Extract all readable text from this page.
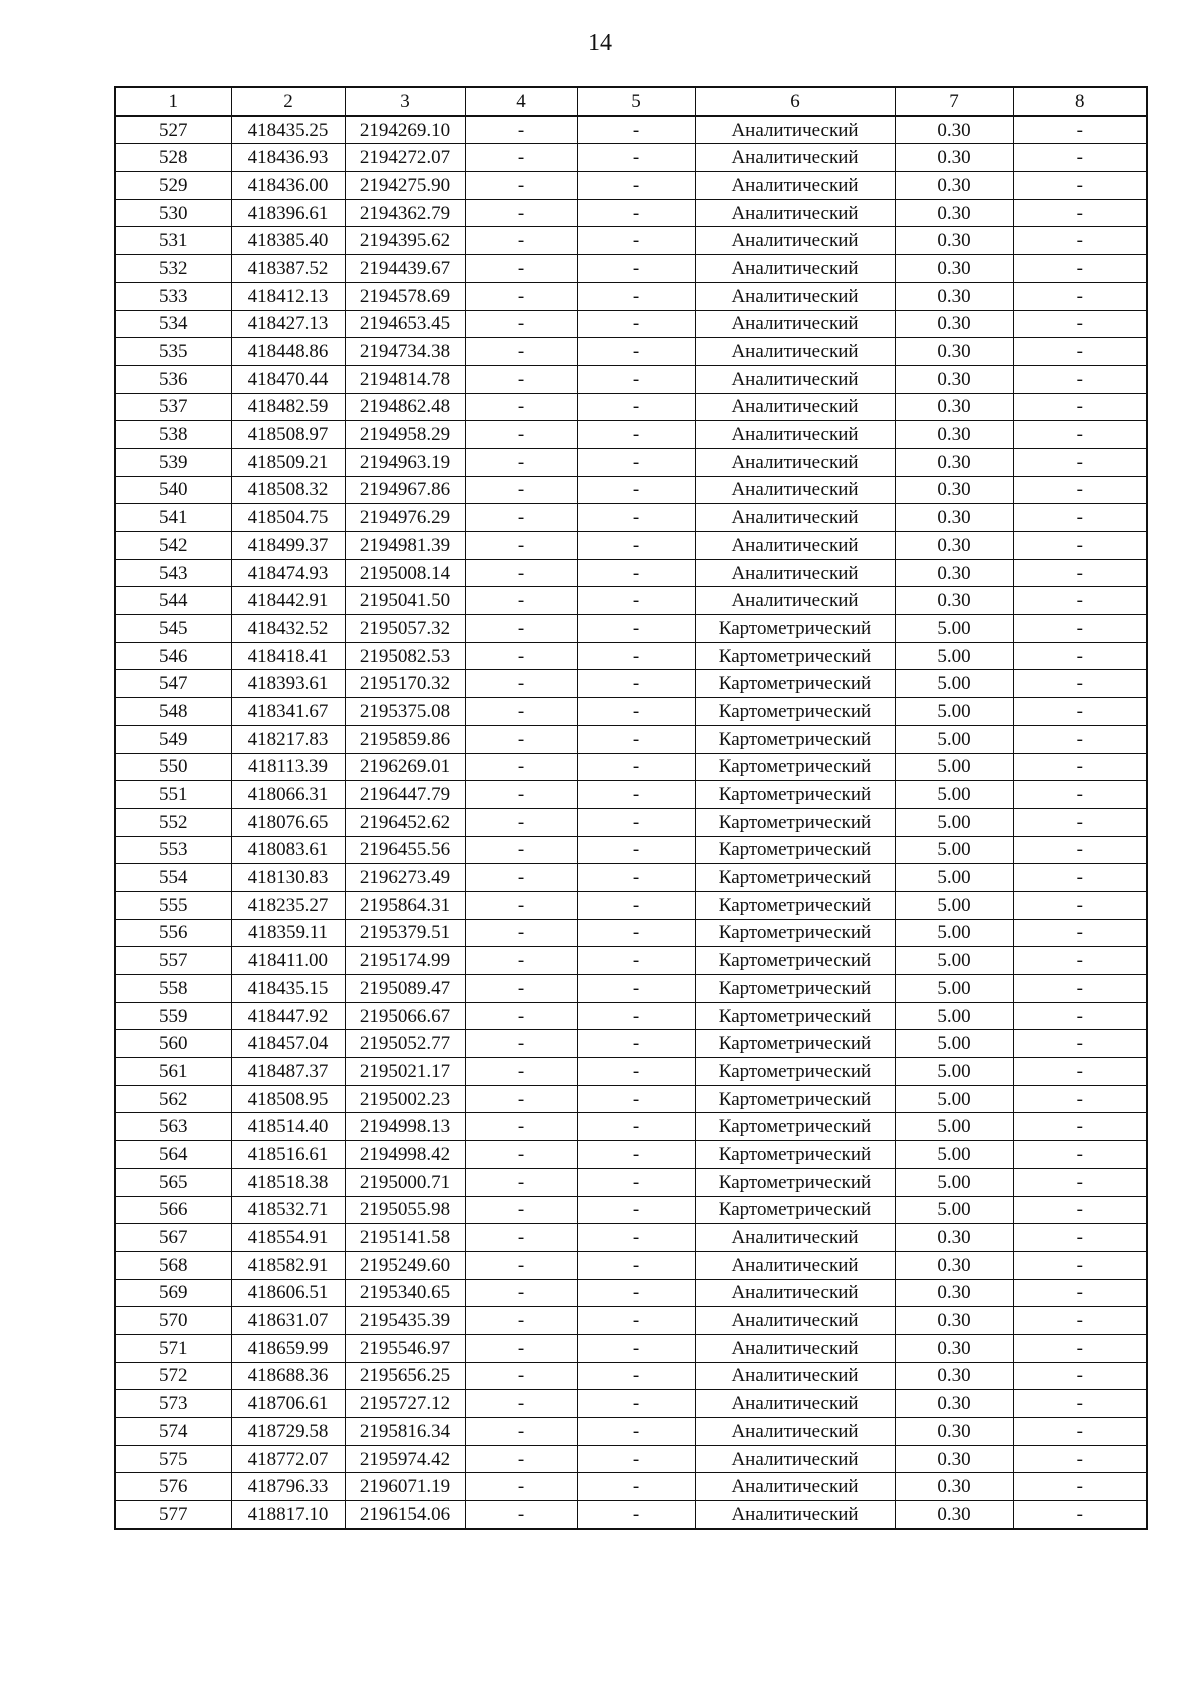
14
1	2	3	4	5	6	7	8
527	418435.25	2194269.10	-	-	Аналитический	0.30	-
528	418436.93	2194272.07	-	-	Аналитический	0.30	-
529	418436.00	2194275.90	-	-	Аналитический	0.30	-
530	418396.61	2194362.79	-	-	Аналитический	0.30	-
531	418385.40	2194395.62	-	-	Аналитический	0.30	-
532	418387.52	2194439.67	-	-	Аналитический	0.30	-
533	418412.13	2194578.69	-	-	Аналитический	0.30	-
534	418427.13	2194653.45	-	-	Аналитический	0.30	-
535	418448.86	2194734.38	-	-	Аналитический	0.30	-
536	418470.44	2194814.78	-	-	Аналитический	0.30	-
537	418482.59	2194862.48	-	-	Аналитический	0.30	-
538	418508.97	2194958.29	-	-	Аналитический	0.30	-
539	418509.21	2194963.19	-	-	Аналитический	0.30	-
540	418508.32	2194967.86	-	-	Аналитический	0.30	-
541	418504.75	2194976.29	-	-	Аналитический	0.30	-
542	418499.37	2194981.39	-	-	Аналитический	0.30	-
543	418474.93	2195008.14	-	-	Аналитический	0.30	-
544	418442.91	2195041.50	-	-	Аналитический	0.30	-
545	418432.52	2195057.32	-	-	Картометрический	5.00	-
546	418418.41	2195082.53	-	-	Картометрический	5.00	-
547	418393.61	2195170.32	-	-	Картометрический	5.00	-
548	418341.67	2195375.08	-	-	Картометрический	5.00	-
549	418217.83	2195859.86	-	-	Картометрический	5.00	-
550	418113.39	2196269.01	-	-	Картометрический	5.00	-
551	418066.31	2196447.79	-	-	Картометрический	5.00	-
552	418076.65	2196452.62	-	-	Картометрический	5.00	-
553	418083.61	2196455.56	-	-	Картометрический	5.00	-
554	418130.83	2196273.49	-	-	Картометрический	5.00	-
555	418235.27	2195864.31	-	-	Картометрический	5.00	-
556	418359.11	2195379.51	-	-	Картометрический	5.00	-
557	418411.00	2195174.99	-	-	Картометрический	5.00	-
558	418435.15	2195089.47	-	-	Картометрический	5.00	-
559	418447.92	2195066.67	-	-	Картометрический	5.00	-
560	418457.04	2195052.77	-	-	Картометрический	5.00	-
561	418487.37	2195021.17	-	-	Картометрический	5.00	-
562	418508.95	2195002.23	-	-	Картометрический	5.00	-
563	418514.40	2194998.13	-	-	Картометрический	5.00	-
564	418516.61	2194998.42	-	-	Картометрический	5.00	-
565	418518.38	2195000.71	-	-	Картометрический	5.00	-
566	418532.71	2195055.98	-	-	Картометрический	5.00	-
567	418554.91	2195141.58	-	-	Аналитический	0.30	-
568	418582.91	2195249.60	-	-	Аналитический	0.30	-
569	418606.51	2195340.65	-	-	Аналитический	0.30	-
570	418631.07	2195435.39	-	-	Аналитический	0.30	-
571	418659.99	2195546.97	-	-	Аналитический	0.30	-
572	418688.36	2195656.25	-	-	Аналитический	0.30	-
573	418706.61	2195727.12	-	-	Аналитический	0.30	-
574	418729.58	2195816.34	-	-	Аналитический	0.30	-
575	418772.07	2195974.42	-	-	Аналитический	0.30	-
576	418796.33	2196071.19	-	-	Аналитический	0.30	-
577	418817.10	2196154.06	-	-	Аналитический	0.30	-
